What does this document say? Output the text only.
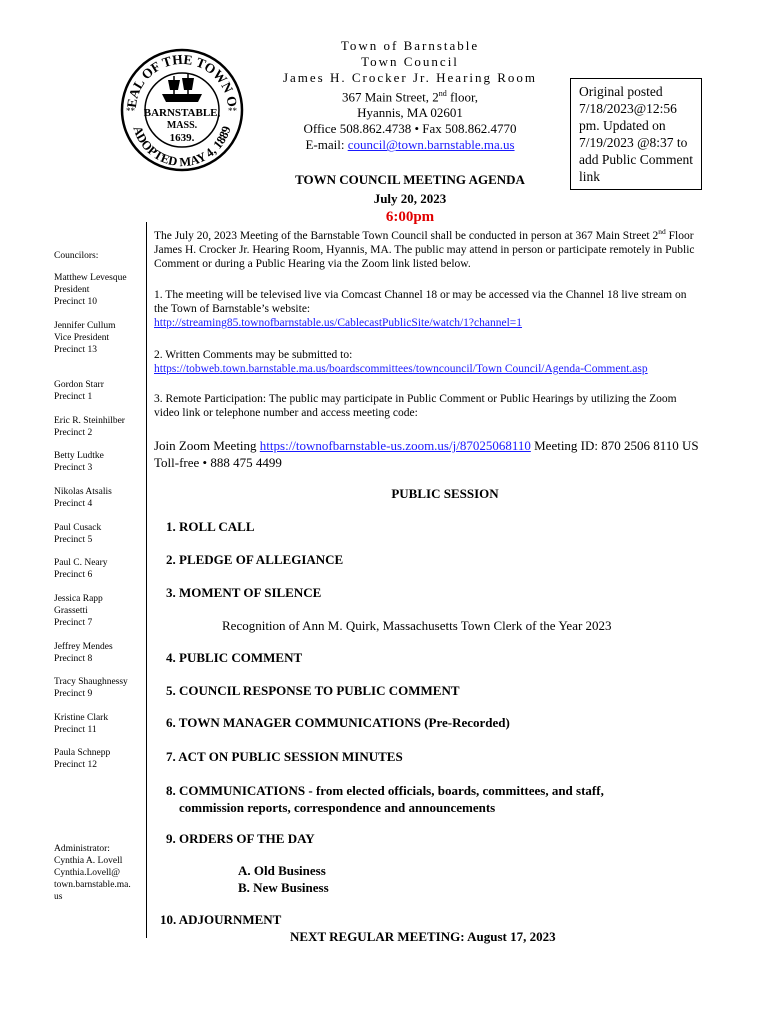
EAL OF THE TOWN O
ADOPTED MAY 4, 1889
**	**
BARNSTABLE,
MASS.
1639.
Town of Barnstable
Town Council
James H. Crocker Jr. Hearing Room
367 Main Street, 2nd floor,
Hyannis, MA 02601
Office 508.862.4738 • Fax 508.862.4770
E-mail: council@town.barnstable.ma.us
Original posted 7/18/2023@12:56 pm. Updated on 7/19/2023 @8:37 to add Public Comment link
TOWN COUNCIL MEETING AGENDA
July 20, 2023
6:00pm
Councilors:
Matthew Levesque
President
Precinct 10
Jennifer Cullum
Vice President
Precinct 13
Gordon Starr
Precinct 1
Eric R. Steinhilber
Precinct 2
Betty Ludtke
Precinct 3
Nikolas Atsalis
Precinct 4
Paul Cusack
Precinct 5
Paul C. Neary
Precinct 6
Jessica Rapp
Grassetti
Precinct 7
Jeffrey Mendes
Precinct 8
Tracy Shaughnessy
Precinct 9
Kristine Clark
Precinct 11
Paula Schnepp
Precinct 12
Administrator:
Cynthia A. Lovell
Cynthia.Lovell@
town.barnstable.ma.
us
The July 20, 2023 Meeting of the Barnstable Town Council shall be conducted in person at 367 Main Street 2nd Floor James H. Crocker Jr. Hearing Room, Hyannis, MA. The public may attend in person or participate remotely in Public Comment or during a Public Hearing via the Zoom link listed below.
1. The meeting will be televised live via Comcast Channel 18 or may be accessed via the Channel 18 live stream on the Town of Barnstable’s website:
http://streaming85.townofbarnstable.us/CablecastPublicSite/watch/1?channel=1
2. Written Comments may be submitted to:
https://tobweb.town.barnstable.ma.us/boardscommittees/towncouncil/Town Council/Agenda-Comment.asp
3. Remote Participation: The public may participate in Public Comment or Public Hearings by utilizing the Zoom video link or telephone number and access meeting code:
Join Zoom Meeting https://townofbarnstable-us.zoom.us/j/87025068110 Meeting ID: 870 2506 8110 US Toll-free • 888 475 4499
PUBLIC SESSION
1. ROLL CALL
2. PLEDGE OF ALLEGIANCE
3. MOMENT OF SILENCE
Recognition of Ann M. Quirk, Massachusetts Town Clerk of the Year 2023
4. PUBLIC COMMENT
5. COUNCIL RESPONSE TO PUBLIC COMMENT
6. TOWN MANAGER COMMUNICATIONS (Pre-Recorded)
7. ACT ON PUBLIC SESSION MINUTES
8. COMMUNICATIONS - from elected officials, boards, committees, and staff,
commission reports, correspondence and announcements
9. ORDERS OF THE DAY
A. Old Business
B. New Business
10. ADJOURNMENT
NEXT REGULAR MEETING: August 17, 2023
